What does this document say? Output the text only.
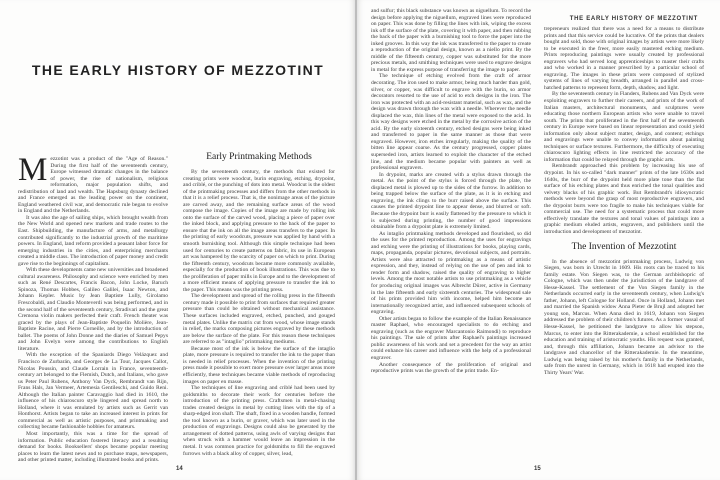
THE EARLY HISTORY OF MEZZOTINT
M ezzotint was a product of the "Age of Reason." During the first half of the seventeenth century, Europe witnessed dramatic changes in the balance of power, the rise of nationalism, religious reformation, major population shifts, and redistribution of land and wealth. The Hapsburg dynasty declined and France emerged as the leading power on the continent, England weathered civil war, and democratic rule began to evolve in England and the Netherlands.

It was also the age of sailing ships, which brought wealth from the New World and opened new markets and trade routes to the East. Shipbuilding, the manufacture of arms, and metallurgy contributed significantly to the industrial growth of the maritime powers. In England, land reform provided a peasant labor force for emerging industries in the cities, and enterprising merchants created a middle class. The introduction of paper money and credit gave rise to the beginnings of capitalism.

With these developments came new universities and broadened cultural awareness. Philosophy and science were enriched by men such as René Descartes, Francis Bacon, John Locke, Baruch Spinoza, Thomas Hobbes, Galileo Galilei, Isaac Newton, and Johann Kepler. Music by Jean Baptiste Lully, Girolamo Frescobaldi, and Claudio Monteverdi was being performed, and in the second half of the seventeenth century, Stradivari and the great Cremona violin makers perfected their craft. French theater was graced by the plays of Jean-Baptiste Poquelin Molière, Jean-Baptiste Racine, and Pierre Corneille, and by the introduction of ballet. The poems of John Donne and the diaries of Samuel Pepys and John Evelyn were among the contributions to English literature.

With the exception of the Spaniards Diego Velázquez and Francisco de Zurbarán, and Georges de La Tour, Jacques Callot, Nicolas Poussin, and Claude Lorrain in France, seventeenth-century art belonged to the Flemish, Dutch, and Italians, who gave us Peter Paul Rubens, Anthony Van Dyck, Rembrandt van Rijn, Frans Hals, Jan Vermeer, Artemesia Gentileschi, and Guido Reni. Although the Italian painter Caravaggio had died in 1610, the influence of his chiaroscuro style lingered and spread north to Holland, where it was emulated by artists such as Gerrit van Honthorst. Artists began to take an increased interest in prints for commercial as well as artistic purposes, and printmaking and collecting became fashionable hobbies for amateurs.

Most importantly, this was a time for the spread of information. Public education fostered literacy and a resulting demand for books. Booksellers' shops became popular meeting places to learn the latest news and to purchase maps, newspapers, and other printed matter, including illustrated books and prints.

Early Printmaking Methods

By the seventeenth century, the methods that existed for creating prints were woodcut, burin engraving, etching, drypoint, and criblé, or the punching of dots into metal. Woodcut is the oldest of the printmaking processes and differs from the other methods in that it is a relief process. That is, the nonimage areas of the picture are carved away, and the remaining surface areas of the wood compose the image. Copies of the image are made by rolling ink onto the surface of the carved wood, placing a piece of paper over the inked block, and applying pressure to the back of the paper to ensure that the ink on all the image areas transfers to the paper. In the printing of early woodcuts, pressure was applied by hand with a smooth burnishing tool. Although this simple technique had been used for centuries to create patterns on fabric, its use in European art was hampered by the scarcity of paper on which to print. During the fifteenth century, woodcuts became more commonly available, especially for the production of book illustrations. This was due to the proliferation of paper mills in Europe and to the development of a more efficient means of applying pressure to transfer the ink to the paper. This means was the printing press.

The development and spread of the rolling press in the fifteenth century made it possible to print from surfaces that required greater pressure than could be obtained without mechanical assistance. These surfaces included engraved, etched, punched, and gouged metal plates. Unlike the matrix cut from wood, whose image stands in relief, the marks composing pictures engraved by these methods are below the surface of the plate. For this reason these techniques are referred to as "intaglio" printmaking mediums.

Because most of the ink is below the surface of the intaglio plate, more pressure is required to transfer the ink to the paper than is needed in relief processes. When the invention of the printing press made it possible to exert more pressure over larger areas more efficiently, these techniques became viable methods of reproducing images on paper en masse.

The techniques of line engraving and criblé had been used by goldsmiths to decorate their work for centuries before the introduction of the printing press. Craftsmen in metal-chasing trades created designs in metal by cutting lines with the tip of a sharp-edged iron shaft. The shaft, fixed in a wooden handle, formed the tool known as a burin, or graver, which was later used in the production of engravings. Designs could also be generated by the arrangement of dotted patterns, using awls of varying designs that when struck with a hammer would leave an impression in the metal. It was common practice for goldsmiths to fill the engraved furrows with a black alloy of copper, silver, lead,

14
THE EARLY HISTORY OF MEZZOTINT

and sulfur; this black substance was known as niguellum. To record the design before applying the niguellum, engraved lines were reproduced on paper. This was done by filling the lines with ink, wiping the excess ink off the surface of the plate, covering it with paper, and then rubbing the back of the paper with a burnishing tool to force the paper into the inked grooves. In this way the ink was transferred to the paper to create a reproduction of the original design, known as a niello print. By the middle of the fifteenth century, copper was substituted for the more precious metals, and smithing techniques were used to engrave designs in metal for the express purpose of transferring the image to paper.

The technique of etching evolved from the craft of armor decorating. The iron used to make armor, being much harder than gold, silver, or copper, was difficult to engrave with the burin, so armor decorators resorted to the use of acid to etch designs in the iron. The iron was protected with an acid-resistant material, such as wax, and the design was drawn through the wax with a needle. Wherever the needle displaced the wax, thin lines of the metal were exposed to the acid. In this way designs were etched in the metal by the corrosive action of the acid. By the early sixteenth century, etched designs were being inked and transferred to paper in the same manner as those that were engraved. However, iron etches irregularly, making the quality of the bitten line appear coarse. As the century progressed, copper plates superseded iron, artists learned to exploit the character of the etched line, and the medium became popular with painters as well as professional engravers.

In drypoint, marks are created with a stylus drawn through the metal. As the point of the stylus is forced through the plate, the displaced metal is plowed up to the sides of the furrow. In addition to being trapped below the surface of the plate, as it is in etching and engraving, the ink clings to the burr raised above the surface. This causes the printed drypoint line to appear dense, and blurred or soft. Because the drypoint burr is easily flattened by the pressure to which it is subjected during printing, the number of good impressions obtainable from a drypoint plate is extremely limited.

As intaglio printmaking methods developed and flourished, so did the uses for the printed reproduction. Among the uses for engravings and etching were the printing of illustrations for books, playing cards, maps, propaganda, popular pictures, devotional subjects, and portraits. Artists were also attracted to printmaking as a means of artistic expression, and they, instead of relying on the use of pen and ink to render form and shadow, raised the quality of engraving to higher levels. Among the most notable artists to use printmaking as a vehicle for producing original images was Albrecht Dürer, active in Germany in the late fifteenth and early sixteenth centuries. The widespread sale of his prints provided him with income, helped him become an internationally recognized artist, and influenced subsequent schools of engraving.

Other artists began to follow the example of the Italian Renaissance master Raphael, who encouraged specialists to do etching and engraving (such as the engraver Marcantonio Raimondi) to reproduce his paintings. The sale of prints after Raphael's paintings increased public awareness of his work and set a precedent for the way an artist could enhance his career and influence with the help of a professional engraver.

Another consequence of the proliferation of original and reproductive prints was the growth of the print trade. En-

trepreneurs realized that there was a need for a means to distribute prints and that this service could be lucrative. Of the prints that dealers bought and sold, those with original images by artists were more likely to be executed in the freer, more easily mastered etching medium. Prints reproducing paintings were usually created by professional engravers who had served long apprenticeships to master their crafts and who worked in a manner prescribed by a particular school of engraving. The images in these prints were composed of stylized systems of lines of varying breadth, arranged in parallel and cross-hatched patterns to represent form, depth, shadow, and light.

By the seventeenth century in Flanders, Rubens and Van Dyck were exploiting engravers to further their careers, and prints of the work of Italian masters, architectural monuments, and sculptures were educating those northern European artists who were unable to travel south. The prints that proliferated in the first half of the seventeenth century in Europe were based on linear representation and could yield information only about subject matter, design, and content; etchings and engravings were unable to convey information about painting techniques or surface textures. Furthermore, the difficulty of executing chiaroscuro lighting effects in line restricted the accuracy of the information that could be relayed through the graphic arts.

Rembrandt approached this problem by increasing his use of drypoint. In his so-called "dark manner" prints of the late 1630s and 1640s, the burr of the drypoint held more plate tone than the flat surface of his etching plates and thus enriched the tonal qualities and velvety blacks of his graphic work. But Rembrandt's idiosyncratic methods were beyond the grasp of most reproductive engravers, and the drypoint burrs were too fragile to make his techniques viable for commercial use. The need for a systematic process that could more effectively translate the textures and tonal values of paintings into a graphic medium eluded artists, engravers, and publishers until the introduction and development of mezzotint.

The Invention of Mezzotint

In the absence of mezzotint printmaking process, Ludwig von Siegen, was born in Utrecht in 1609. His roots can be traced to his family estate. Von Siegen was, to the German archbishopric of Cologne, which was then under the jurisdiction of the landgrave of Hesse-Kassel. The settlement of the Von Siegen family in the Netherlands occurred early in the seventeenth century, when Ludwig's father, Johann, left Cologne for Holland. Once in Holland, Johann met and married the Spanish widow Anna Pieter de Brujl and adopted her young son, Marcus. When Anna died in 1619, Johann von Siegen addressed the problem of their children's futures. As a former vassal of Hesse-Kassel, he petitioned the landgrave to allow his stepson, Marcus, to enter into the Ritterakademie, a school established for the education and training of aristocratic youths. His request was granted, and, through this affiliation, Johann became an advisor to the landgrave and chancellor of the Ritterakademie. In the meantime, Ludwig was being raised by his mother's family in the Netherlands, safe from the unrest in Germany, which in 1618 had erupted into the Thirty Years' War.

15
